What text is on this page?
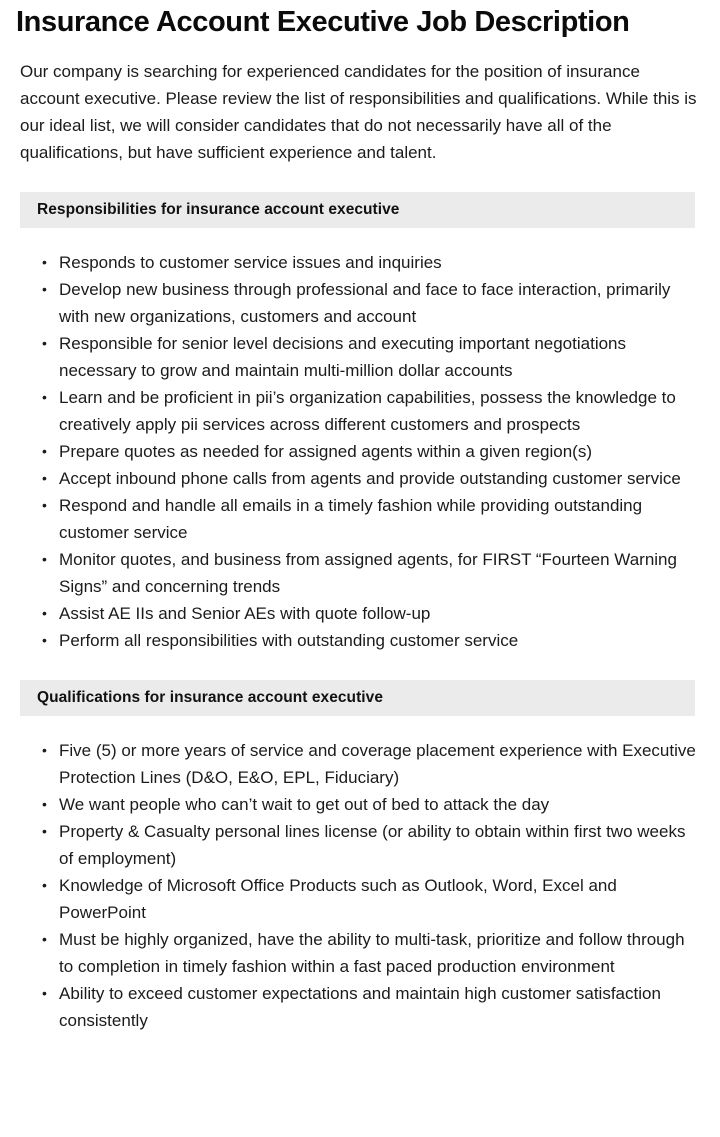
Insurance Account Executive Job Description

Our company is searching for experienced candidates for the position of insurance account executive. Please review the list of responsibilities and qualifications. While this is our ideal list, we will consider candidates that do not necessarily have all of the qualifications, but have sufficient experience and talent.

Responsibilities for insurance account executive
• Responds to customer service issues and inquiries
• Develop new business through professional and face to face interaction, primarily with new organizations, customers and account
• Responsible for senior level decisions and executing important negotiations necessary to grow and maintain multi-million dollar accounts
• Learn and be proficient in pii’s organization capabilities, possess the knowledge to creatively apply pii services across different customers and prospects
• Prepare quotes as needed for assigned agents within a given region(s)
• Accept inbound phone calls from agents and provide outstanding customer service
• Respond and handle all emails in a timely fashion while providing outstanding customer service
• Monitor quotes, and business from assigned agents, for FIRST “Fourteen Warning Signs” and concerning trends
• Assist AE IIs and Senior AEs with quote follow-up
• Perform all responsibilities with outstanding customer service
Qualifications for insurance account executive
• Five (5) or more years of service and coverage placement experience with Executive Protection Lines (D&O, E&O, EPL, Fiduciary)
• We want people who can’t wait to get out of bed to attack the day
• Property & Casualty personal lines license (or ability to obtain within first two weeks of employment)
• Knowledge of Microsoft Office Products such as Outlook, Word, Excel and PowerPoint
• Must be highly organized, have the ability to multi-task, prioritize and follow through to completion in timely fashion within a fast paced production environment
• Ability to exceed customer expectations and maintain high customer satisfaction consistently
